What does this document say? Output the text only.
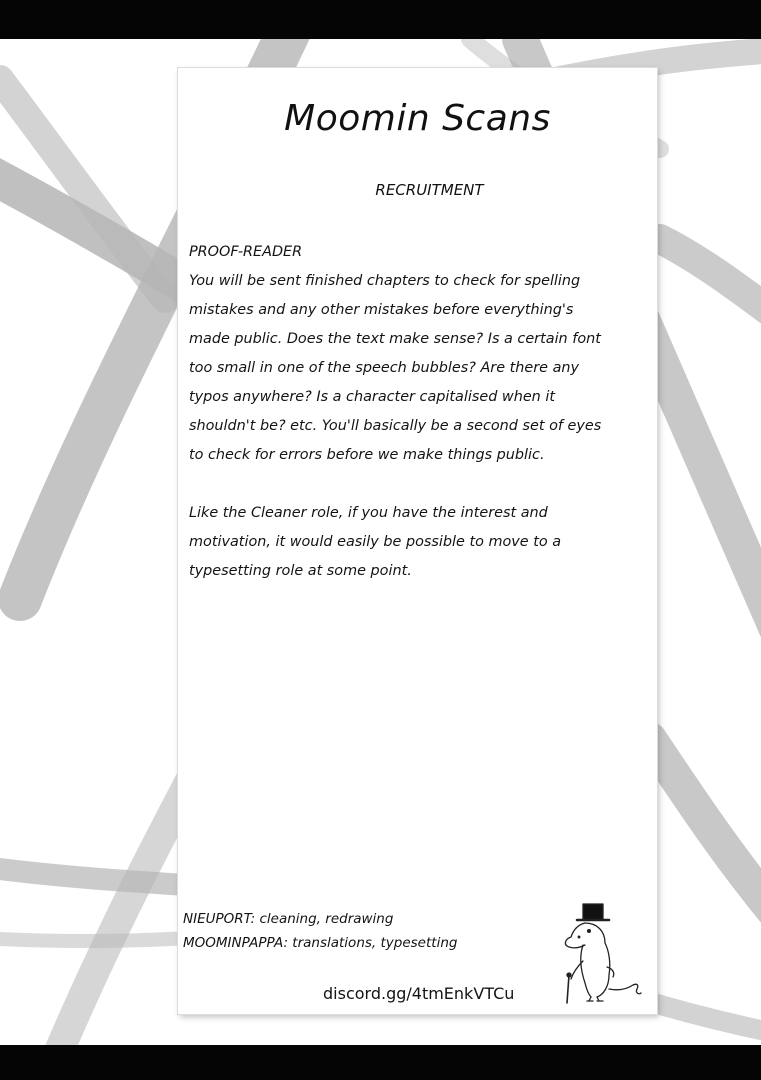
Moomin Scans
RECRUITMENT

PROOF-READER

You will be sent finished chapters to check for spelling

mistakes and any other mistakes before everything's

made public. Does the text make sense? Is a certain font

too small in one of the speech bubbles? Are there any

typos anywhere? Is a character capitalised when it

shouldn't be? etc. You'll basically be a second set of eyes

to check for errors before we make things public.

Like the Cleaner role, if you have the interest and

motivation, it would easily be possible to move to a

typesetting role at some point.

NIEUPORT: cleaning, redrawing
MOOMINPAPPA: translations, typesetting
discord.gg/4tmEnkVTCu
